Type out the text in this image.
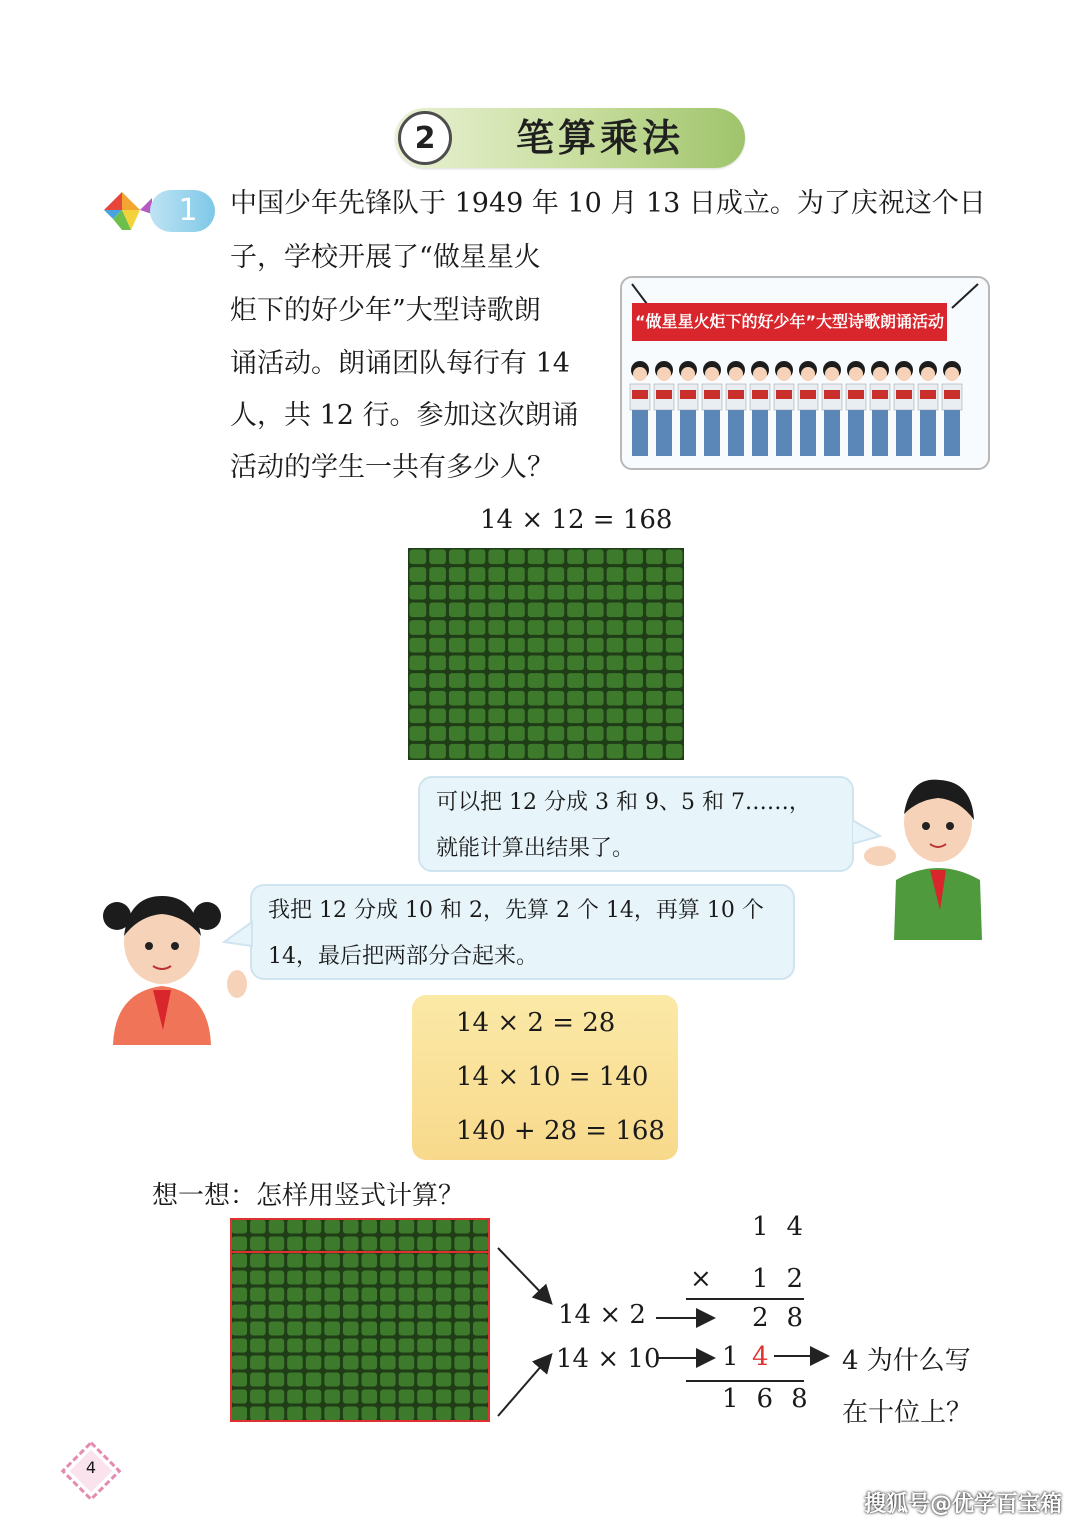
2	笔算乘法
1	中国少年先锋队于 1949 年 10 月 13 日成立。为了庆祝这个日
子，学校开展了“做星星火
炬下的好少年”大型诗歌朗
诵活动。朗诵团队每行有 14
人，共 12 行。参加这次朗诵
活动的学生一共有多少人？
“做星星火炬下的好少年”大型诗歌朗诵活动
14 × 12 = 168
可以把 12 分成 3 和 9、5 和 7……，
就能计算出结果了。
我把 12 分成 10 和 2，先算 2 个 14，再算 10 个
14，最后把两部分合起来。
14 × 2 = 28
14 × 10 = 140
140 + 28 = 168
想一想：怎样用竖式计算？
14 × 2
14 × 10
14
× 12
28
1 4
168
4 为什么写
在十位上？
4
搜狐号@优学百宝箱
